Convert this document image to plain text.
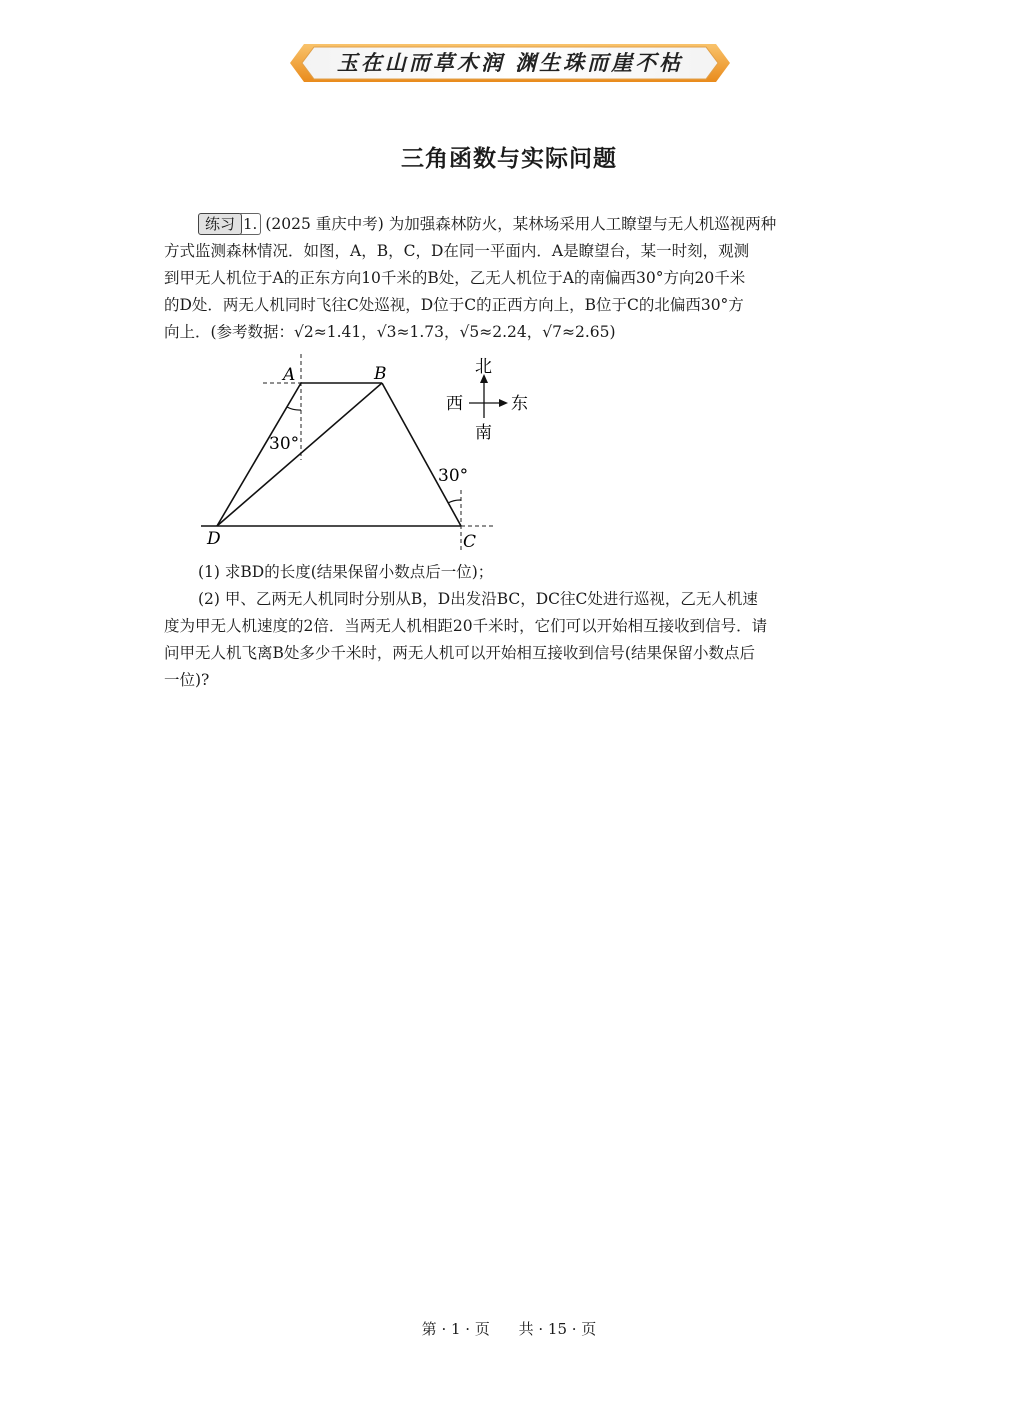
玉在山而草木润 渊生珠而崖不枯
三角函数与实际问题
练习 1. (2025 重庆中考) 为加强森林防火，某林场采用人工瞭望与无人机巡视两种
方式监测森林情况．如图，A，B，C，D在同一平面内．A是瞭望台，某一时刻，观测
到甲无人机位于A的正东方向10千米的B处，乙无人机位于A的南偏西30°方向20千米
的D处．两无人机同时飞往C处巡视，D位于C的正西方向上，B位于C的北偏西30°方
向上．(参考数据：√2≈1.41，√3≈1.73，√5≈2.24，√7≈2.65)
A	B
D	C
30°
30°
北
南
东
西
(1) 求BD的长度(结果保留小数点后一位)；
(2) 甲、乙两无人机同时分别从B，D出发沿BC，DC往C处进行巡视，乙无人机速
度为甲无人机速度的2倍．当两无人机相距20千米时，它们可以开始相互接收到信号．请
问甲无人机飞离B处多少千米时，两无人机可以开始相互接收到信号(结果保留小数点后
一位)?
第 · 1 · 页 共 · 15 · 页
